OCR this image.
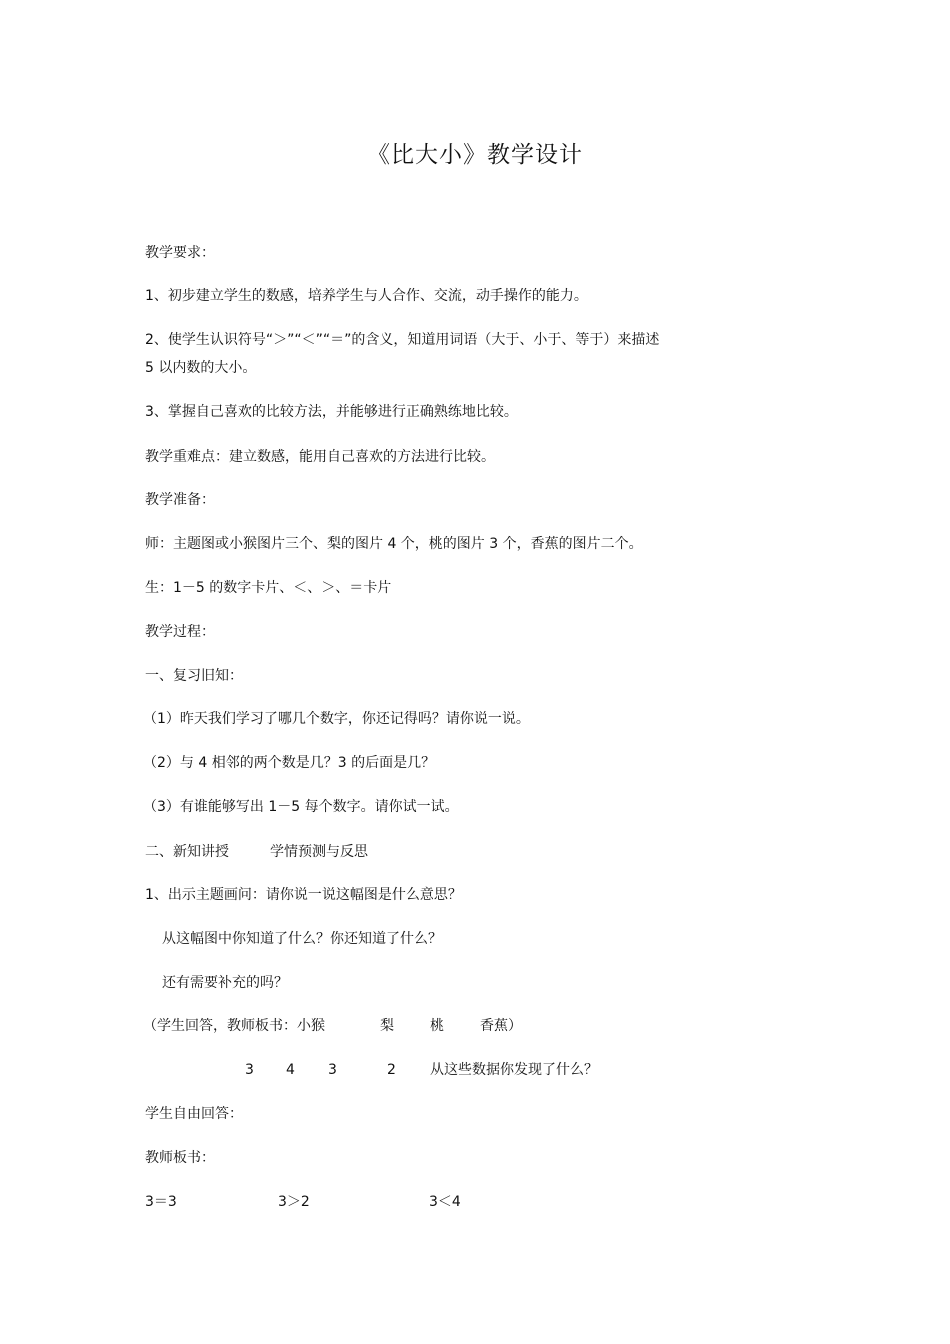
《比大小》教学设计
教学要求：
1、初步建立学生的数感，培养学生与人合作、交流，动手操作的能力。
2、使学生认识符号“＞”“＜”“＝”的含义，知道用词语（大于、小于、等于）来描述
5 以内数的大小。
3、掌握自己喜欢的比较方法，并能够进行正确熟练地比较。
教学重难点：建立数感，能用自己喜欢的方法进行比较。
教学准备：
师：主题图或小猴图片三个、梨的图片 4 个，桃的图片 3 个，香蕉的图片二个。
生：1－5 的数字卡片、＜、＞、＝卡片
教学过程：
一、复习旧知：
（1）昨天我们学习了哪几个数字，你还记得吗？请你说一说。
（2）与 4 相邻的两个数是几？3 的后面是几？
（3）有谁能够写出 1－5 每个数字。请你试一试。
二、新知讲授	学情预测与反思
1、出示主题画问：请你说一说这幅图是什么意思？
从这幅图中你知道了什么？你还知道了什么？
还有需要补充的吗？
（学生回答，教师板书：小猴	梨	桃	香蕉）
3 4 3	2 从这些数据你发现了什么？
学生自由回答：
教师板书：
3＝3	3＞2	3＜4
